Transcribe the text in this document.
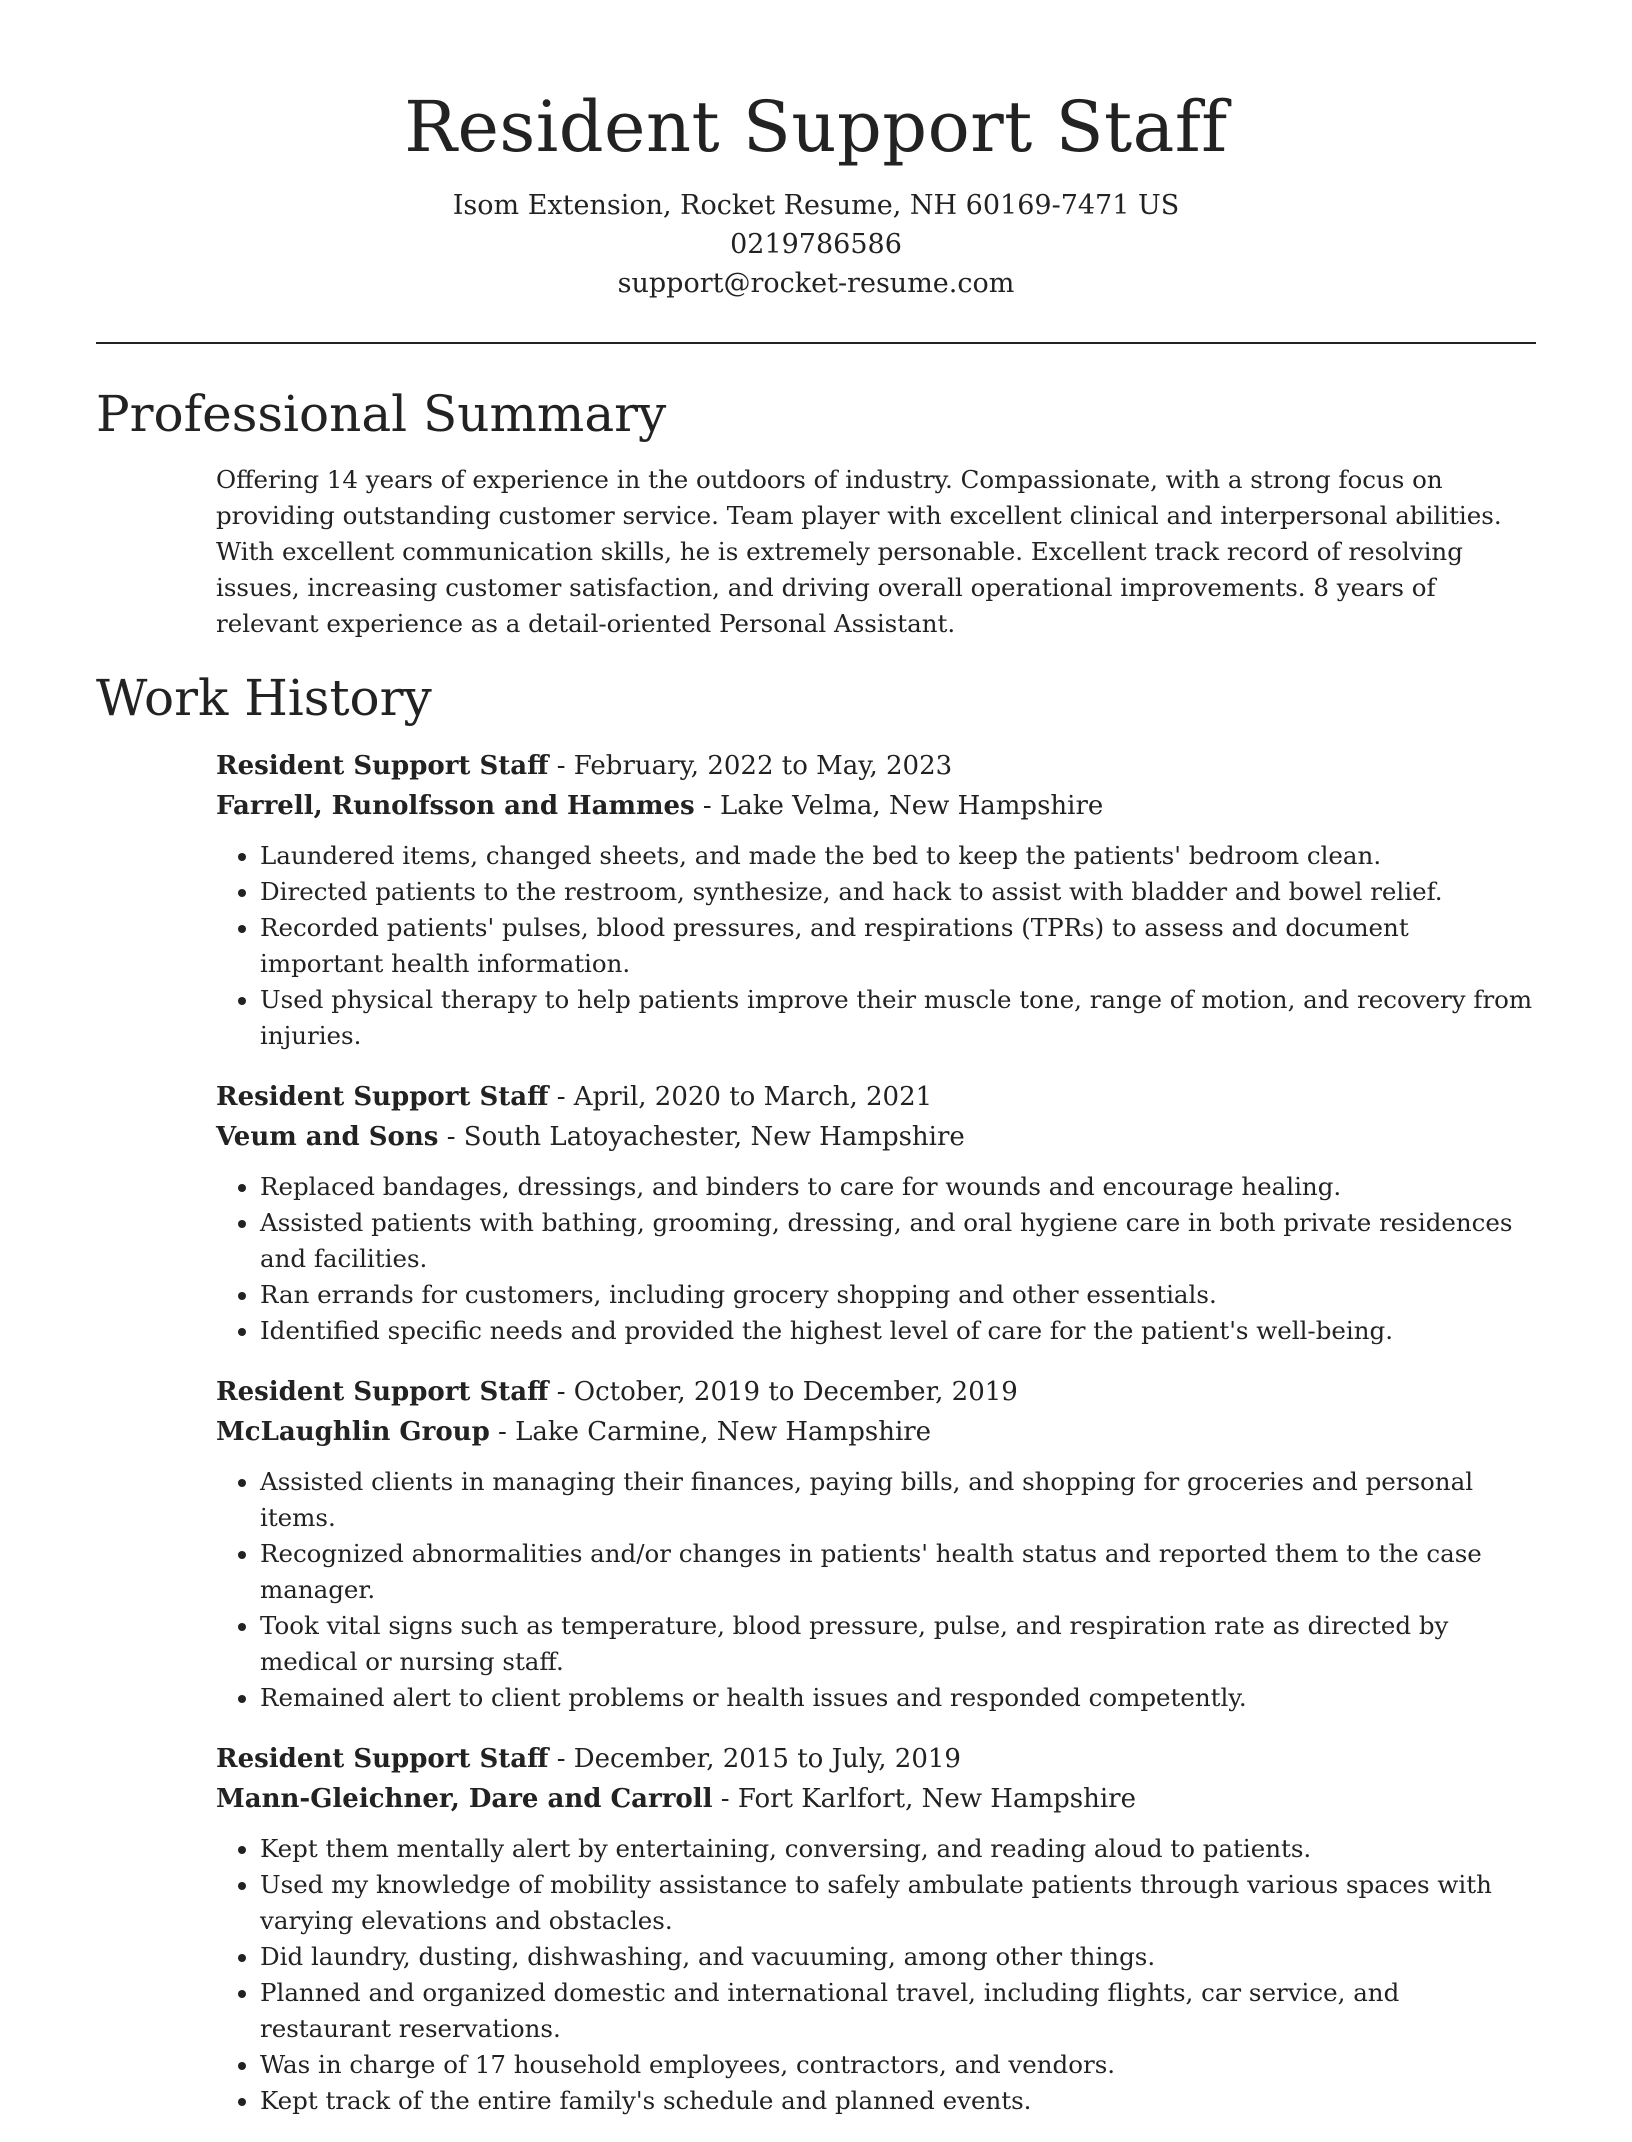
Resident Support Staff
Isom Extension, Rocket Resume, NH 60169-7471 US
0219786586
support@rocket-resume.com
Professional Summary
Offering 14 years of experience in the outdoors of industry. Compassionate, with a strong focus on providing outstanding customer service. Team player with excellent clinical and interpersonal abilities. With excellent communication skills, he is extremely personable. Excellent track record of resolving issues, increasing customer satisfaction, and driving overall operational improvements. 8 years of relevant experience as a detail-oriented Personal Assistant.
Work History
Resident Support Staff - February, 2022 to May, 2023
Farrell, Runolfsson and Hammes - Lake Velma, New Hampshire
• Laundered items, changed sheets, and made the bed to keep the patients' bedroom clean.
• Directed patients to the restroom, synthesize, and hack to assist with bladder and bowel relief.
• Recorded patients' pulses, blood pressures, and respirations (TPRs) to assess and document important health information.
• Used physical therapy to help patients improve their muscle tone, range of motion, and recovery from injuries.
Resident Support Staff - April, 2020 to March, 2021
Veum and Sons - South Latoyachester, New Hampshire
• Replaced bandages, dressings, and binders to care for wounds and encourage healing.
• Assisted patients with bathing, grooming, dressing, and oral hygiene care in both private residences and facilities.
• Ran errands for customers, including grocery shopping and other essentials.
• Identified specific needs and provided the highest level of care for the patient's well-being.
Resident Support Staff - October, 2019 to December, 2019
McLaughlin Group - Lake Carmine, New Hampshire
• Assisted clients in managing their finances, paying bills, and shopping for groceries and personal items.
• Recognized abnormalities and/or changes in patients' health status and reported them to the case manager.
• Took vital signs such as temperature, blood pressure, pulse, and respiration rate as directed by medical or nursing staff.
• Remained alert to client problems or health issues and responded competently.
Resident Support Staff - December, 2015 to July, 2019
Mann-Gleichner, Dare and Carroll - Fort Karlfort, New Hampshire
• Kept them mentally alert by entertaining, conversing, and reading aloud to patients.
• Used my knowledge of mobility assistance to safely ambulate patients through various spaces with varying elevations and obstacles.
• Did laundry, dusting, dishwashing, and vacuuming, among other things.
• Planned and organized domestic and international travel, including flights, car service, and restaurant reservations.
• Was in charge of 17 household employees, contractors, and vendors.
• Kept track of the entire family's schedule and planned events.
